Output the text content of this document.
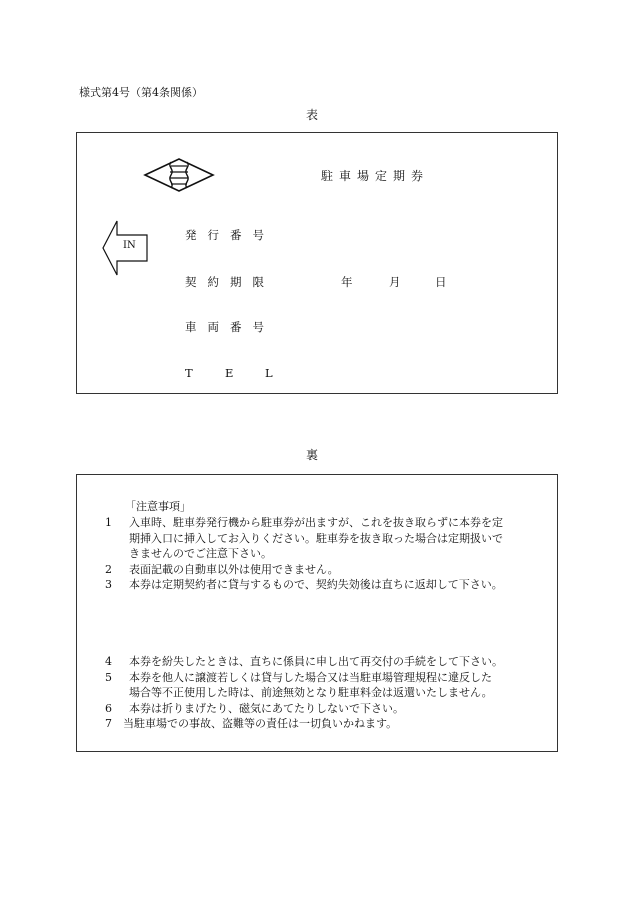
様式第4号（第4条関係）
表
駐車場定期券
IN
発行番号
契約期限	年	月	日
車両番号
T	E	L
裏
「注意事項」
1 入車時、駐車券発行機から駐車券が出ますが、これを抜き取らずに本券を定
期挿入口に挿入してお入りください。駐車券を抜き取った場合は定期扱いで
きませんのでご注意下さい。
2 表面記載の自動車以外は使用できません。
3 本券は定期契約者に貸与するもので、契約失効後は直ちに返却して下さい。
4 本券を紛失したときは、直ちに係員に申し出て再交付の手続をして下さい。
5 本券を他人に譲渡若しくは貸与した場合又は当駐車場管理規程に違反した
場合等不正使用した時は、前途無効となり駐車料金は返還いたしません。
6 本券は折りまげたり、磁気にあてたりしないで下さい。
7 当駐車場での事故、盗難等の責任は一切負いかねます。
